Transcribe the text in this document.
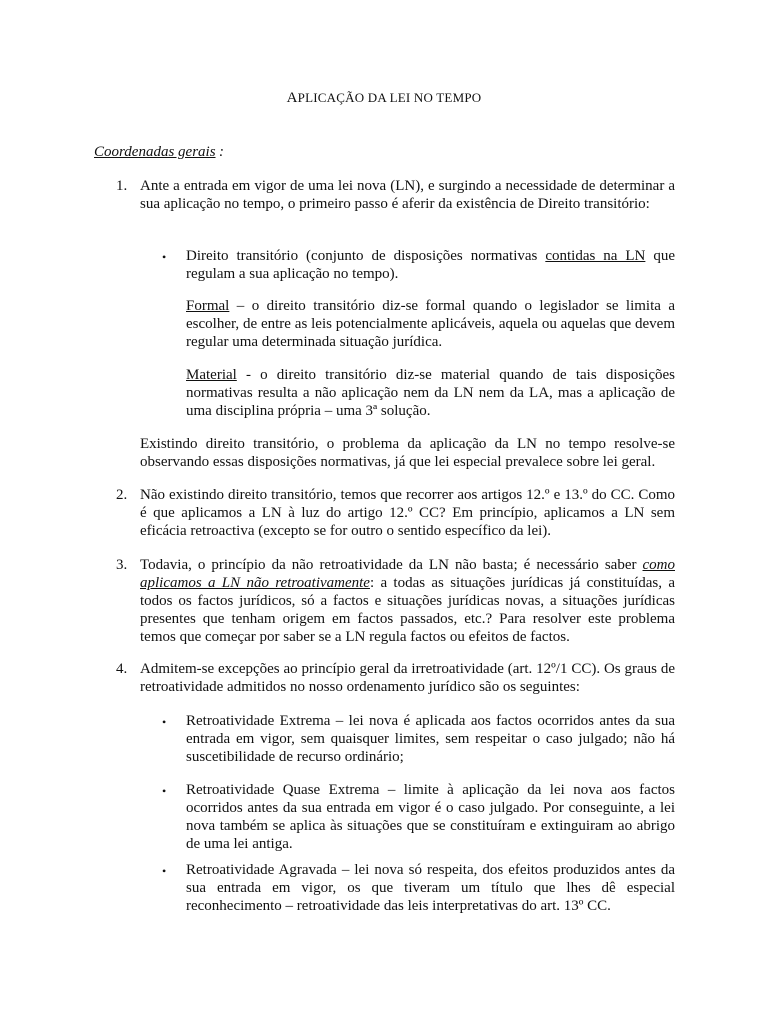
APLICAÇÃO DA LEI NO TEMPO
Coordenadas gerais :
1. Ante a entrada em vigor de uma lei nova (LN), e surgindo a necessidade de determinar a sua aplicação no tempo, o primeiro passo é aferir da existência de Direito transitório:
• Direito transitório (conjunto de disposições normativas contidas na LN que regulam a sua aplicação no tempo).
Formal – o direito transitório diz-se formal quando o legislador se limita a escolher, de entre as leis potencialmente aplicáveis, aquela ou aquelas que devem regular uma determinada situação jurídica.
Material - o direito transitório diz-se material quando de tais disposições normativas resulta a não aplicação nem da LN nem da LA, mas a aplicação de uma disciplina própria – uma 3ª solução.
Existindo direito transitório, o problema da aplicação da LN no tempo resolve-se observando essas disposições normativas, já que lei especial prevalece sobre lei geral.
2. Não existindo direito transitório, temos que recorrer aos artigos 12.º e 13.º do CC. Como é que aplicamos a LN à luz do artigo 12.º CC? Em princípio, aplicamos a LN sem eficácia retroactiva (excepto se for outro o sentido específico da lei).
3. Todavia, o princípio da não retroatividade da LN não basta; é necessário saber como aplicamos a LN não retroativamente: a todas as situações jurídicas já constituídas, a todos os factos jurídicos, só a factos e situações jurídicas novas, a situações jurídicas presentes que tenham origem em factos passados, etc.? Para resolver este problema temos que começar por saber se a LN regula factos ou efeitos de factos.
4. Admitem-se excepções ao princípio geral da irretroatividade (art. 12º/1 CC). Os graus de retroatividade admitidos no nosso ordenamento jurídico são os seguintes:
• Retroatividade Extrema – lei nova é aplicada aos factos ocorridos antes da sua entrada em vigor, sem quaisquer limites, sem respeitar o caso julgado; não há suscetibilidade de recurso ordinário;
• Retroatividade Quase Extrema – limite à aplicação da lei nova aos factos ocorridos antes da sua entrada em vigor é o caso julgado. Por conseguinte, a lei nova também se aplica às situações que se constituíram e extinguiram ao abrigo de uma lei antiga.
• Retroatividade Agravada – lei nova só respeita, dos efeitos produzidos antes da sua entrada em vigor, os que tiveram um título que lhes dê especial reconhecimento – retroatividade das leis interpretativas do art. 13º CC.
